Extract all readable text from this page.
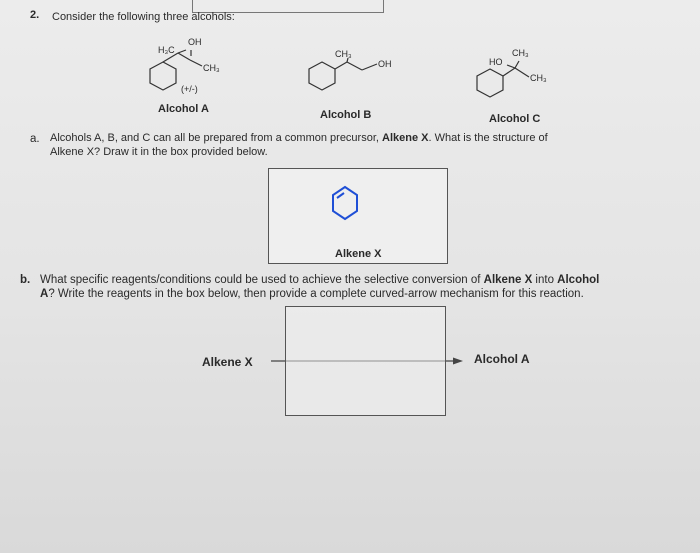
2. Consider the following three alcohols:
H₃C
OH
CH₃
(+/-)
Alcohol A
CH₃
OH
Alcohol B
HO
CH₃
CH₃
Alcohol C
a. Alcohols A, B, and C can all be prepared from a common precursor, Alkene X. What is the structure of
Alkene X? Draw it in the box provided below.
Alkene X
b. What specific reagents/conditions could be used to achieve the selective conversion of Alkene X into Alcohol
A? Write the reagents in the box below, then provide a complete curved-arrow mechanism for this reaction.
Alkene X	Alcohol A
